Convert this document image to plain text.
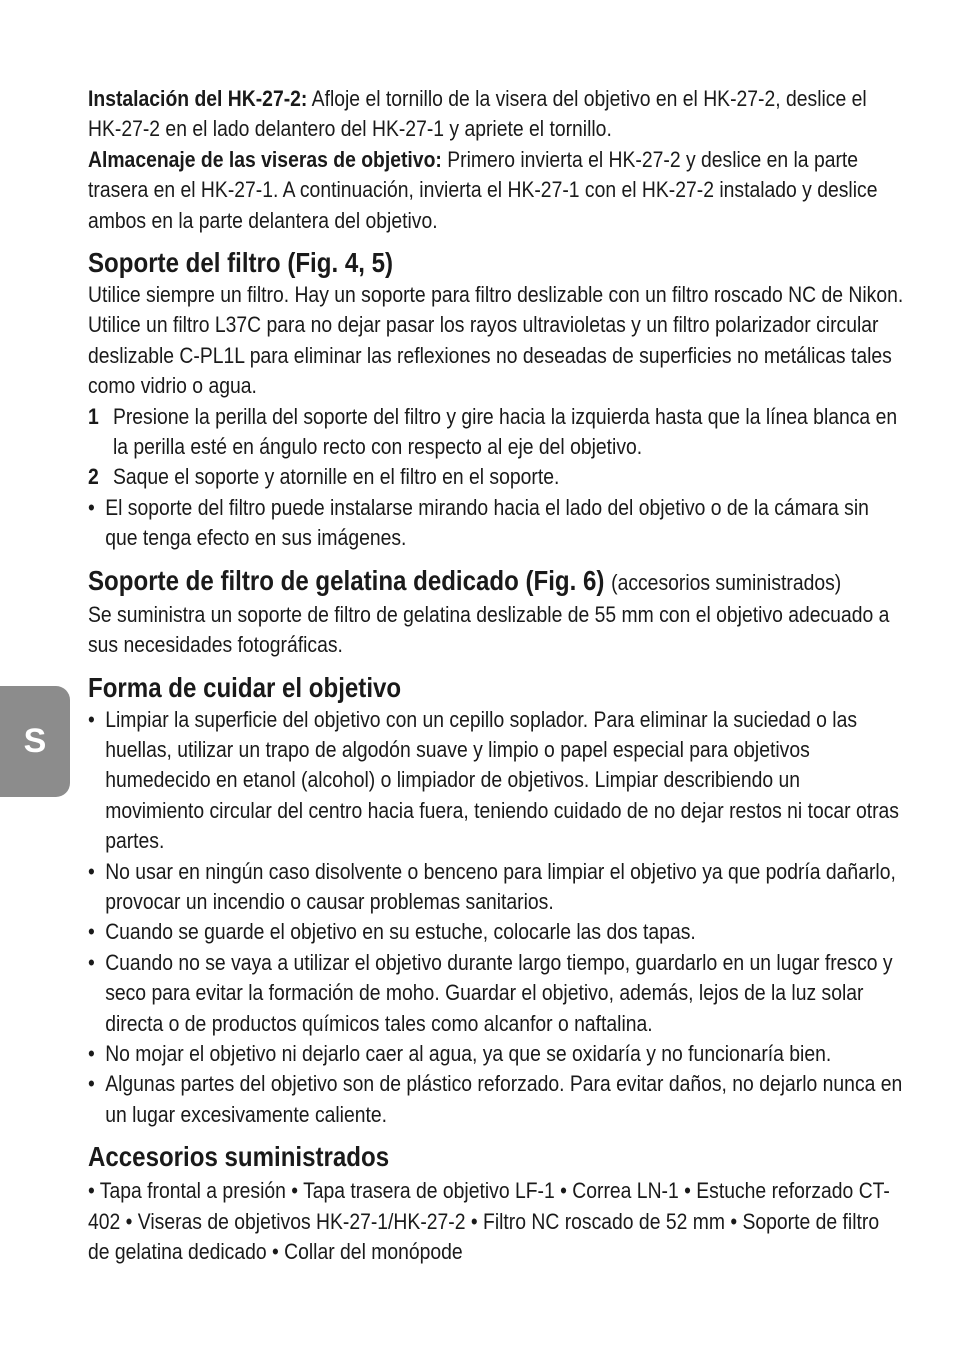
S

Instalación del HK-27-2: Afloje el tornillo de la visera del objetivo en el HK-27-2, deslice el HK-27-2 en el lado delantero del HK-27-1 y apriete el tornillo.

Almacenaje de las viseras de objetivo: Primero invierta el HK-27-2 y deslice en la parte trasera en el HK-27-1. A continuación, invierta el HK-27-1 con el HK-27-2 instalado y deslice ambos en la parte delantera del objetivo.

Soporte del filtro (Fig. 4, 5)

Utilice siempre un filtro. Hay un soporte para filtro deslizable con un filtro roscado NC de Nikon. Utilice un filtro L37C para no dejar pasar los rayos ultravioletas y un filtro polarizador circular deslizable C-PL1L para eliminar las reflexiones no deseadas de superficies no metálicas tales como vidrio o agua.

1 Presione la perilla del soporte del filtro y gire hacia la izquierda hasta que la línea blanca en la perilla esté en ángulo recto con respecto al eje del objetivo.
2 Saque el soporte y atornille en el filtro en el soporte.
• El soporte del filtro puede instalarse mirando hacia el lado del objetivo o de la cámara sin que tenga efecto en sus imágenes.
Soporte de filtro de gelatina dedicado (Fig. 6) (accesorios suministrados)

Se suministra un soporte de filtro de gelatina deslizable de 55 mm con el objetivo adecuado a sus necesidades fotográficas.

Forma de cuidar el objetivo
• Limpiar la superficie del objetivo con un cepillo soplador. Para eliminar la suciedad o las huellas, utilizar un trapo de algodón suave y limpio o papel especial para objetivos humedecido en etanol (alcohol) o limpiador de objetivos. Limpiar describiendo un movimiento circular del centro hacia fuera, teniendo cuidado de no dejar restos ni tocar otras partes.
• No usar en ningún caso disolvente o benceno para limpiar el objetivo ya que podría dañarlo, provocar un incendio o causar problemas sanitarios.
• Cuando se guarde el objetivo en su estuche, colocarle las dos tapas.
• Cuando no se vaya a utilizar el objetivo durante largo tiempo, guardarlo en un lugar fresco y seco para evitar la formación de moho. Guardar el objetivo, además, lejos de la luz solar directa o de productos químicos tales como alcanfor o naftalina.
• No mojar el objetivo ni dejarlo caer al agua, ya que se oxidaría y no funcionaría bien.
• Algunas partes del objetivo son de plástico reforzado. Para evitar daños, no dejarlo nunca en un lugar excesivamente caliente.
Accesorios suministrados

• Tapa frontal a presión • Tapa trasera de objetivo LF-1 • Correa LN-1 • Estuche reforzado CT-402 • Viseras de objetivos HK-27-1/HK-27-2 • Filtro NC roscado de 52 mm • Soporte de filtro de gelatina dedicado • Collar del monópode
